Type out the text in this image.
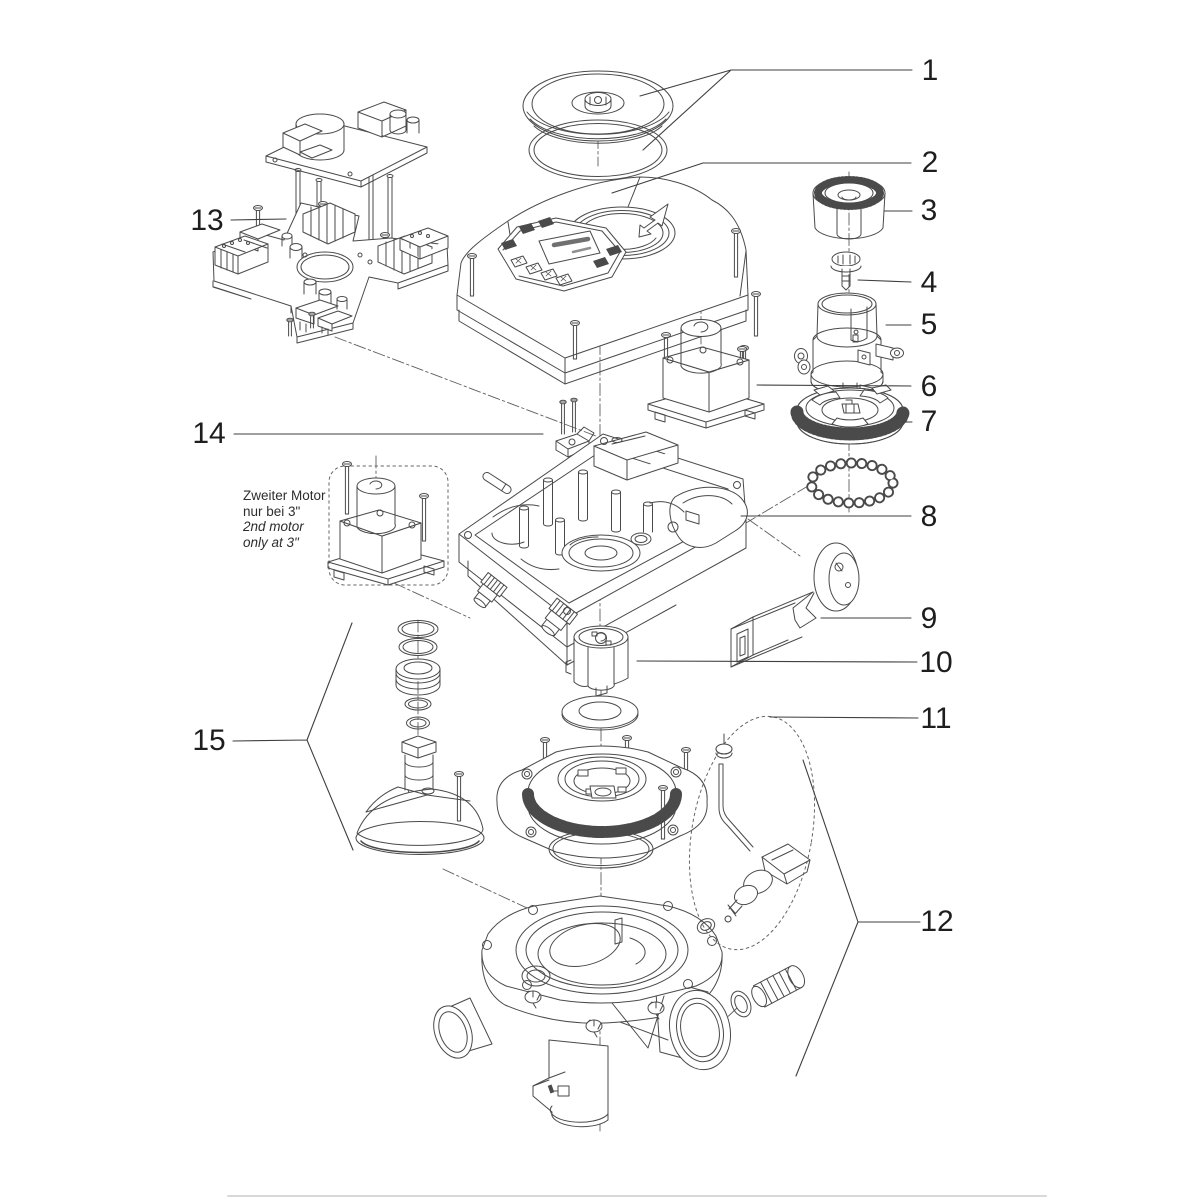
M
1
2
3
4
5
6
7
8
9
10
11
12
13
14
15
Zweiter Motor
nur bei 3"
2nd motor
only at 3"
